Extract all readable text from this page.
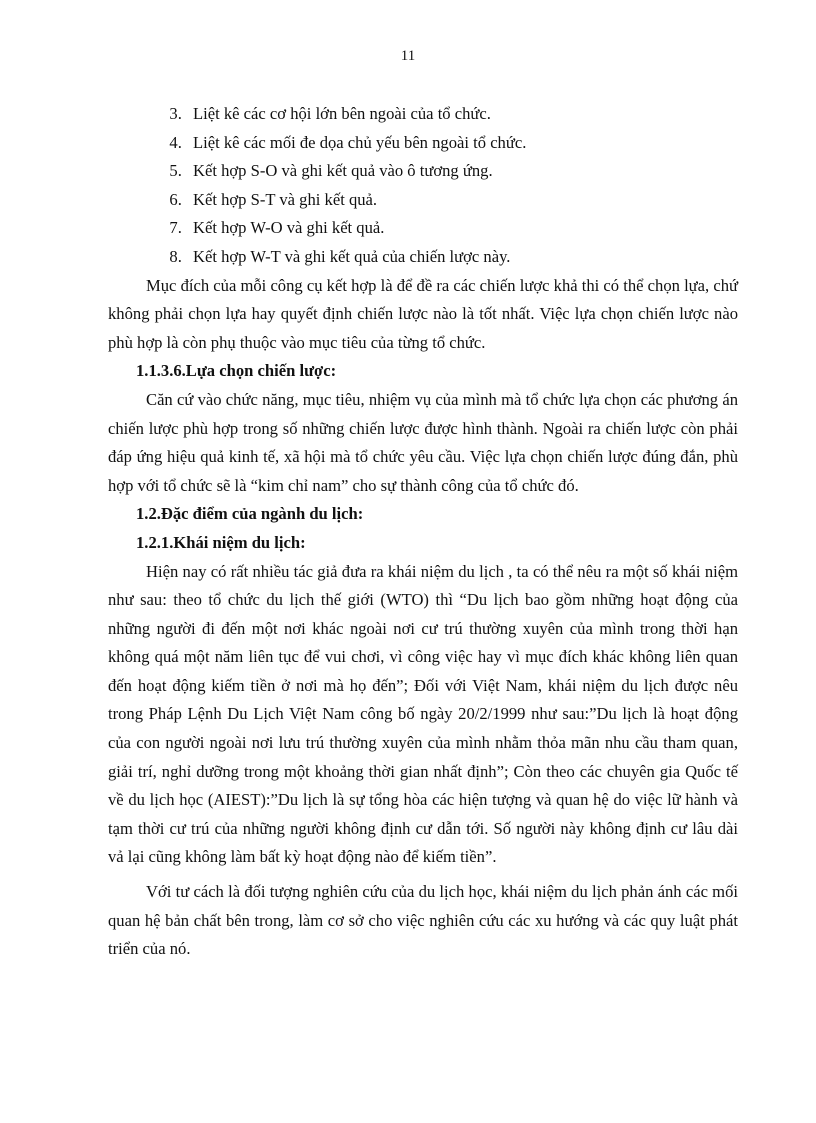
11
3. Liệt kê các cơ hội lớn bên ngoài của tổ chức.
4. Liệt kê các mối đe dọa chủ yếu bên ngoài tổ chức.
5. Kết hợp S-O và ghi kết quả vào ô tương ứng.
6. Kết hợp S-T và ghi kết quả.
7. Kết hợp W-O và ghi kết quả.
8. Kết hợp W-T và ghi kết quả của chiến lược này.

Mục đích của mỗi công cụ kết hợp là để đề ra các chiến lược khả thi có thể chọn lựa, chứ không phải chọn lựa hay quyết định chiến lược nào là tốt nhất. Việc lựa chọn chiến lược nào phù hợp là còn phụ thuộc vào mục tiêu của từng tổ chức.

1.1.3.6.Lựa chọn chiến lược:

Căn cứ vào chức năng, mục tiêu, nhiệm vụ của mình mà tổ chức lựa chọn các phương án chiến lược phù hợp trong số những chiến lược được hình thành. Ngoài ra chiến lược còn phải đáp ứng hiệu quả kinh tế, xã hội mà tổ chức yêu cầu. Việc lựa chọn chiến lược đúng đắn, phù hợp với tổ chức sẽ là “kim chỉ nam” cho sự thành công của tổ chức đó.

1.2.Đặc điểm của ngành du lịch:
1.2.1.Khái niệm du lịch:

Hiện nay có rất nhiều tác giả đưa ra khái niệm du lịch , ta có thể nêu ra một số khái niệm như sau: theo tổ chức du lịch thế giới (WTO) thì “Du lịch bao gồm những hoạt động của những người đi đến một nơi khác ngoài nơi cư trú thường xuyên của mình trong thời hạn không quá một năm liên tục để vui chơi, vì công việc hay vì mục đích khác không liên quan đến hoạt động kiếm tiền ở nơi mà họ đến”; Đối với Việt Nam, khái niệm du lịch được nêu trong Pháp Lệnh Du Lịch Việt Nam công bố ngày 20/2/1999 như sau:”Du lịch là hoạt động của con người ngoài nơi lưu trú thường xuyên của mình nhằm thỏa mãn nhu cầu tham quan, giải trí, nghỉ dưỡng trong một khoảng thời gian nhất định”; Còn theo các chuyên gia Quốc tế về du lịch học (AIEST):”Du lịch là sự tổng hòa các hiện tượng và quan hệ do việc lữ hành và tạm thời cư trú của những người không định cư dẫn tới. Số người này không định cư lâu dài vả lại cũng không làm bất kỳ hoạt động nào để kiếm tiền”.

Với tư cách là đối tượng nghiên cứu của du lịch học, khái niệm du lịch phản ánh các mối quan hệ bản chất bên trong, làm cơ sở cho việc nghiên cứu các xu hướng và các quy luật phát triển của nó.
